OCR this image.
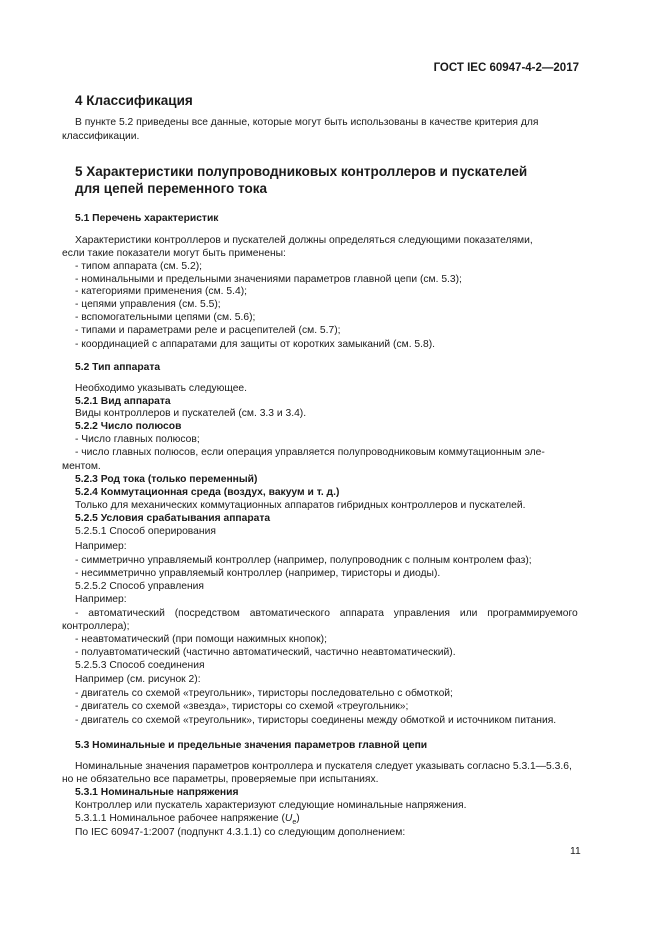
ГОСТ IEC 60947-4-2—2017
4 Классификация
В пункте 5.2 приведены все данные, которые могут быть использованы в качестве критерия для
классификации.
5 Характеристики полупроводниковых контроллеров и пускателей
для цепей переменного тока
5.1 Перечень характеристик
Характеристики контроллеров и пускателей должны определяться следующими показателями,
если такие показатели могут быть применены:
- типом аппарата (см. 5.2);
- номинальными и предельными значениями параметров главной цепи (см. 5.3);
- категориями применения (см. 5.4);
- цепями управления (см. 5.5);
- вспомогательными цепями (см. 5.6);
- типами и параметрами реле и расцепителей (см. 5.7);
- координацией с аппаратами для защиты от коротких замыканий (см. 5.8).
5.2 Тип аппарата
Необходимо указывать следующее.
5.2.1 Вид аппарата
Виды контроллеров и пускателей (см. 3.3 и 3.4).
5.2.2 Число полюсов
- Число главных полюсов;
- число главных полюсов, если операция управляется полупроводниковым коммутационным эле-
ментом.
5.2.3 Род тока (только переменный)
5.2.4 Коммутационная среда (воздух, вакуум и т. д.)
Только для механических коммутационных аппаратов гибридных контроллеров и пускателей.
5.2.5 Условия срабатывания аппарата
5.2.5.1 Способ оперирования
Например:
- симметрично управляемый контроллер (например, полупроводник с полным контролем фаз);
- несимметрично управляемый контроллер (например, тиристоры и диоды).
5.2.5.2 Способ управления
Например:
- автоматический (посредством автоматического аппарата управления или программируемого
контроллера);
- неавтоматический (при помощи нажимных кнопок);
- полуавтоматический (частично автоматический, частично неавтоматический).
5.2.5.3 Способ соединения
Например (см. рисунок 2):
- двигатель со схемой «треугольник», тиристоры последовательно с обмоткой;
- двигатель со схемой «звезда», тиристоры со схемой «треугольник»;
- двигатель со схемой «треугольник», тиристоры соединены между обмоткой и источником питания.
5.3 Номинальные и предельные значения параметров главной цепи
Номинальные значения параметров контроллера и пускателя следует указывать согласно 5.3.1—5.3.6,
но не обязательно все параметры, проверяемые при испытаниях.
5.3.1 Номинальные напряжения
Контроллер или пускатель характеризуют следующие номинальные напряжения.
5.3.1.1 Номинальное рабочее напряжение $(U_e)$
По IEC 60947-1:2007 (подпункт 4.3.1.1) со следующим дополнением:
11
